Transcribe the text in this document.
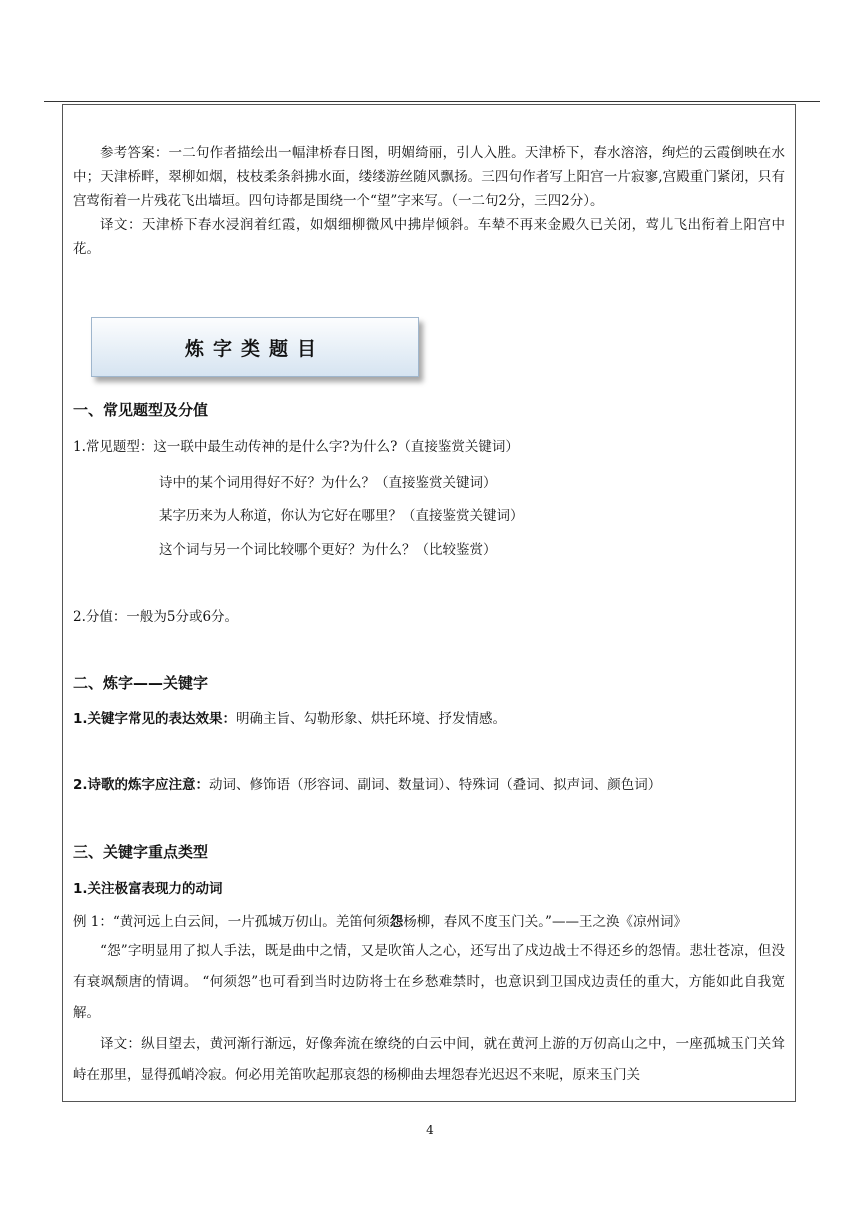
参考答案：一二句作者描绘出一幅津桥春日图，明媚绮丽，引人入胜。天津桥下，春水溶溶，绚烂的云霞倒映在水中；天津桥畔，翠柳如烟，枝枝柔条斜拂水面，缕缕游丝随风飘扬。三四句作者写上阳宫一片寂寥,宫殿重门紧闭，只有宫莺衔着一片残花飞出墙垣。四句诗都是围绕一个“望”字来写。（一二句2分，三四2分）。

译文：天津桥下春水浸润着红霞，如烟细柳微风中拂岸倾斜。车辇不再来金殿久已关闭，莺儿飞出衔着上阳宫中花。

炼字类题目

一、常见题型及分值

1.常见题型：这一联中最生动传神的是什么字?为什么?（直接鉴赏关键词）

诗中的某个词用得好不好？为什么？（直接鉴赏关键词）

某字历来为人称道，你认为它好在哪里？（直接鉴赏关键词）

这个词与另一个词比较哪个更好？为什么？（比较鉴赏）

2.分值：一般为5分或6分。

二、炼字——关键字

1.关键字常见的表达效果：明确主旨、勾勒形象、烘托环境、抒发情感。

2.诗歌的炼字应注意：动词、修饰语（形容词、副词、数量词）、特殊词（叠词、拟声词、颜色词）

三、关键字重点类型

1.关注极富表现力的动词

例 1：“黄河远上白云间，一片孤城万仞山。羌笛何须怨杨柳，春风不度玉门关。”——王之涣《凉州词》

“怨”字明显用了拟人手法，既是曲中之情，又是吹笛人之心，还写出了戍边战士不得还乡的怨情。悲壮苍凉，但没有衰飒颓唐的情调。 “何须怨”也可看到当时边防将士在乡愁难禁时，也意识到卫国戍边责任的重大，方能如此自我宽解。

译文：纵目望去，黄河渐行渐远，好像奔流在缭绕的白云中间，就在黄河上游的万仞高山之中，一座孤城玉门关耸峙在那里，显得孤峭冷寂。何必用羌笛吹起那哀怨的杨柳曲去埋怨春光迟迟不来呢，原来玉门关

4
